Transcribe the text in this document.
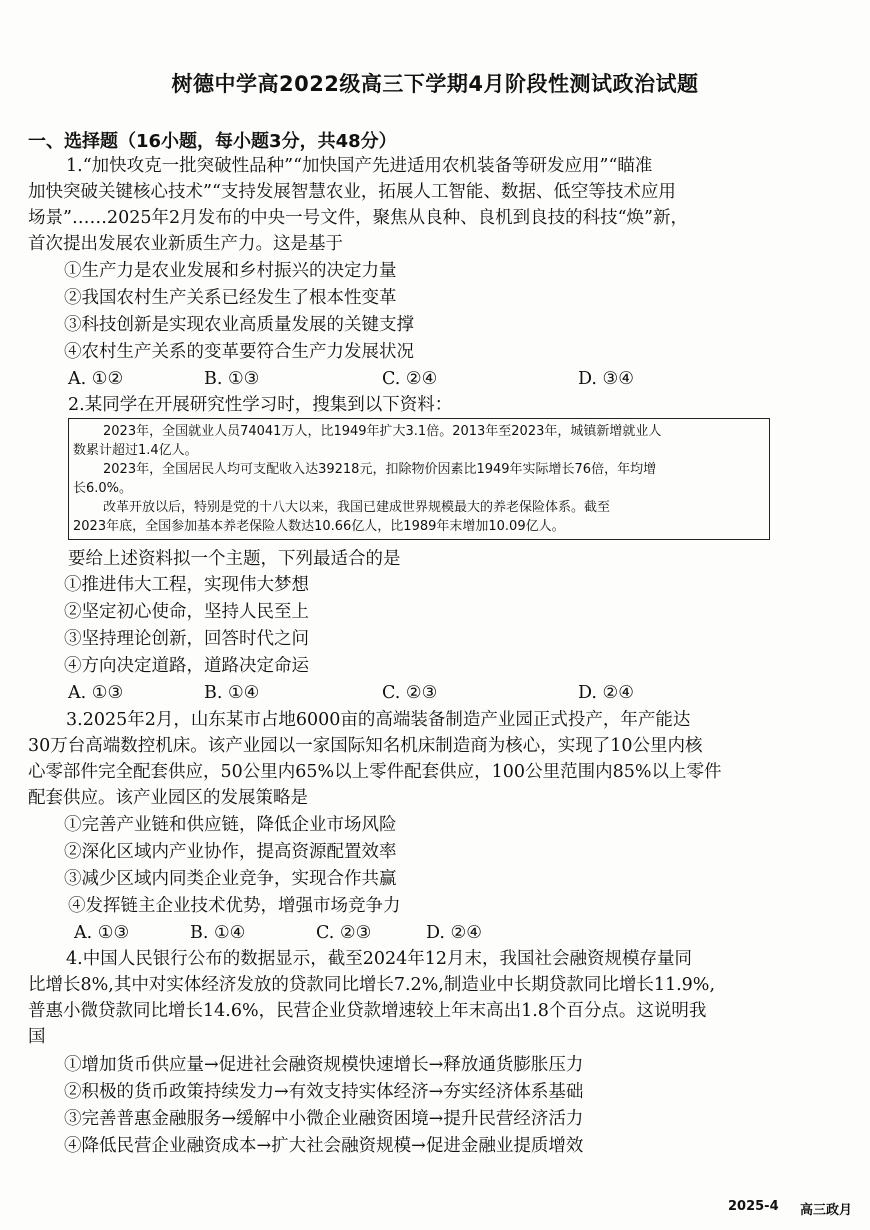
树德中学高2022级高三下学期4月阶段性测试政治试题
一、选择题（16小题，每小题3分，共48分）
1.“加快攻克一批突破性品种”“加快国产先进适用农机装备等研发应用”“瞄准
加快突破关键核心技术”“支持发展智慧农业，拓展人工智能、数据、低空等技术应用
场景”……2025年2月发布的中央一号文件，聚焦从良种、良机到良技的科技“焕”新，
首次提出发展农业新质生产力。这是基于
①生产力是农业发展和乡村振兴的决定力量
②我国农村生产关系已经发生了根本性变革
③科技创新是实现农业高质量发展的关键支撑
④农村生产关系的变革要符合生产力发展状况
A. ①②	B. ①③	C. ②④	D. ③④
2.某同学在开展研究性学习时，搜集到以下资料：
2023年，全国就业人员74041万人，比1949年扩大3.1倍。2013年至2023年，城镇新增就业人
数累计超过1.4亿人。
2023年，全国居民人均可支配收入达39218元，扣除物价因素比1949年实际增长76倍，年均增
长6.0%。
改革开放以后，特别是党的十八大以来，我国已建成世界规模最大的养老保险体系。截至
2023年底，全国参加基本养老保险人数达10.66亿人，比1989年末增加10.09亿人。
要给上述资料拟一个主题，下列最适合的是
①推进伟大工程，实现伟大梦想
②坚定初心使命，坚持人民至上
③坚持理论创新，回答时代之问
④方向决定道路，道路决定命运
A. ①③	B. ①④	C. ②③	D. ②④
3.2025年2月，山东某市占地6000亩的高端装备制造产业园正式投产，年产能达
30万台高端数控机床。该产业园以一家国际知名机床制造商为核心，实现了10公里内核
心零部件完全配套供应，50公里内65%以上零件配套供应，100公里范围内85%以上零件
配套供应。该产业园区的发展策略是
①完善产业链和供应链，降低企业市场风险
②深化区域内产业协作，提高资源配置效率
③减少区域内同类企业竞争，实现合作共赢
④发挥链主企业技术优势，增强市场竞争力
A. ①③	B. ①④	C. ②③	D. ②④
4.中国人民银行公布的数据显示，截至2024年12月末，我国社会融资规模存量同
比增长8%,其中对实体经济发放的贷款同比增长7.2%,制造业中长期贷款同比增长11.9%,
普惠小微贷款同比增长14.6%，民营企业贷款增速较上年末高出1.8个百分点。这说明我
国
①增加货币供应量→促进社会融资规模快速增长→释放通货膨胀压力
②积极的货币政策持续发力→有效支持实体经济→夯实经济体系基础
③完善普惠金融服务→缓解中小微企业融资困境→提升民营经济活力
④降低民营企业融资成本→扩大社会融资规模→促进金融业提质增效
2025-4 高三政月
